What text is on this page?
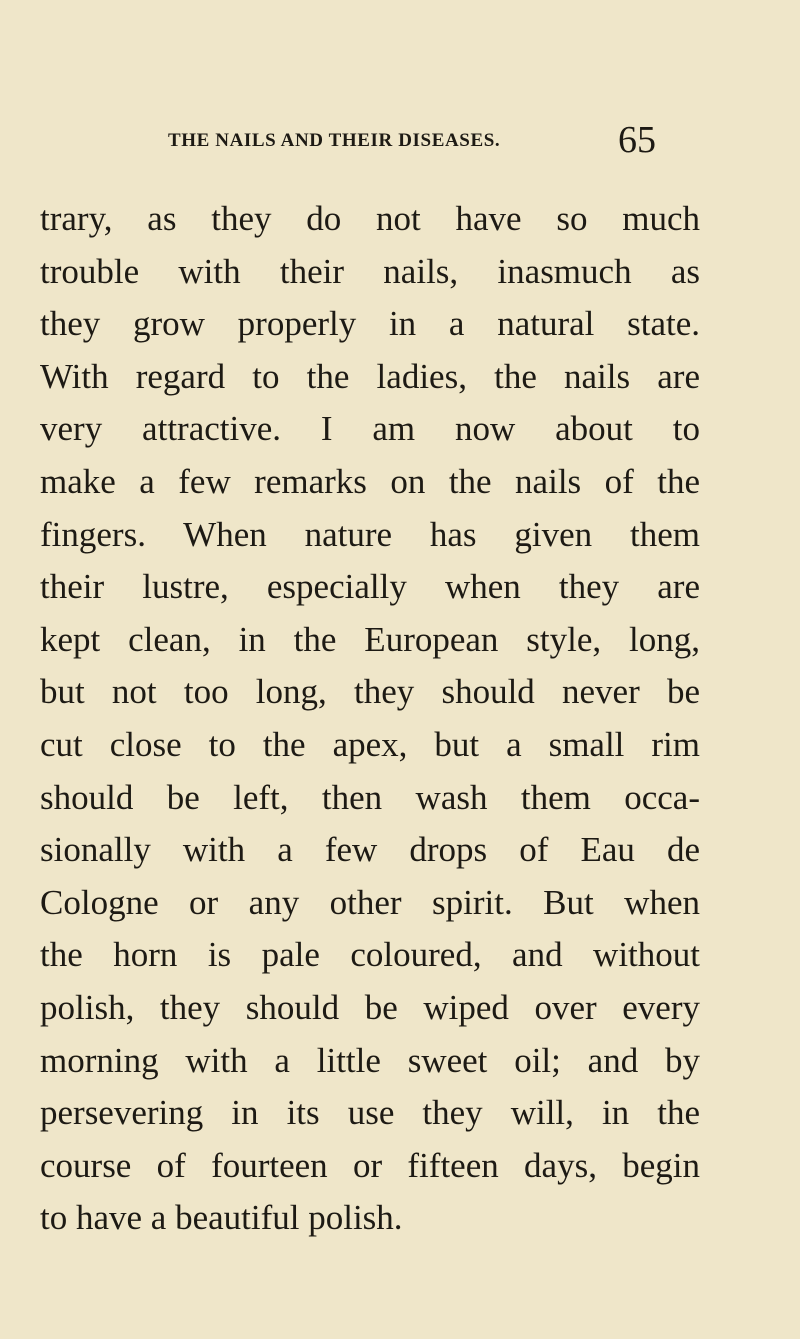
THE NAILS AND THEIR DISEASES.	65
trary, as they do not have so much
trouble with their nails, inasmuch as
they grow properly in a natural state.
With regard to the ladies, the nails are
very attractive. I am now about to
make a few remarks on the nails of the
fingers. When nature has given them
their lustre, especially when they are
kept clean, in the European style, long,
but not too long, they should never be
cut close to the apex, but a small rim
should be left, then wash them occa-
sionally with a few drops of Eau de
Cologne or any other spirit. But when
the horn is pale coloured, and without
polish, they should be wiped over every
morning with a little sweet oil; and by
persevering in its use they will, in the
course of fourteen or fifteen days, begin
to have a beautiful polish.
